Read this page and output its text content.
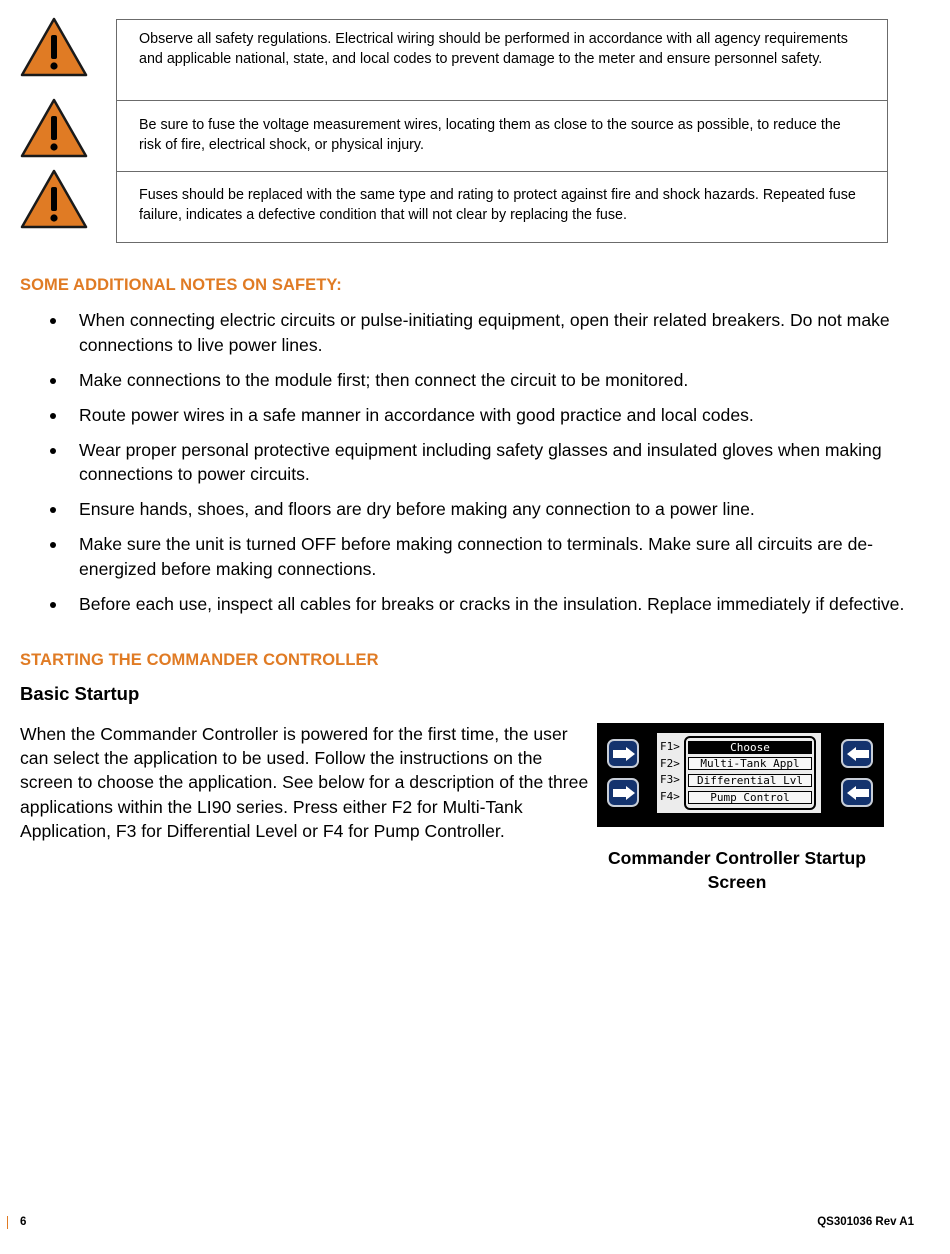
Observe all safety regulations. Electrical wiring should be performed in accordance with all agency requirements and applicable national, state, and local codes to prevent damage to the meter and ensure personnel safety.
Be sure to fuse the voltage measurement wires, locating them as close to the source as possible, to reduce the risk of fire, electrical shock, or physical injury.
Fuses should be replaced with the same type and rating to protect against fire and shock hazards. Repeated fuse failure, indicates a defective condition that will not clear by replacing the fuse.
SOME ADDITIONAL NOTES ON SAFETY:
When connecting electric circuits or pulse-initiating equipment, open their related breakers. Do not make connections to live power lines.
Make connections to the module first; then connect the circuit to be monitored.
Route power wires in a safe manner in accordance with good practice and local codes.
Wear proper personal protective equipment including safety glasses and insulated gloves when making connections to power circuits.
Ensure hands, shoes, and floors are dry before making any connection to a power line.
Make sure the unit is turned OFF before making connection to terminals. Make sure all circuits are de-energized before making connections.
Before each use, inspect all cables for breaks or cracks in the insulation. Replace immediately if defective.
STARTING THE COMMANDER CONTROLLER
Basic Startup
When the Commander Controller is powered for the first time, the user can select the application to be used. Follow the instructions on the screen to choose the application. See below for a description of the three applications within the LI90 series. Press either F2 for Multi-Tank Application, F3 for Differential Level or F4 for Pump Controller.
F1>
F2>
F3>
F4>
Choose
Multi-Tank Appl
Differential Lvl
Pump Control
Commander Controller Startup Screen
6	QS301036 Rev A1
